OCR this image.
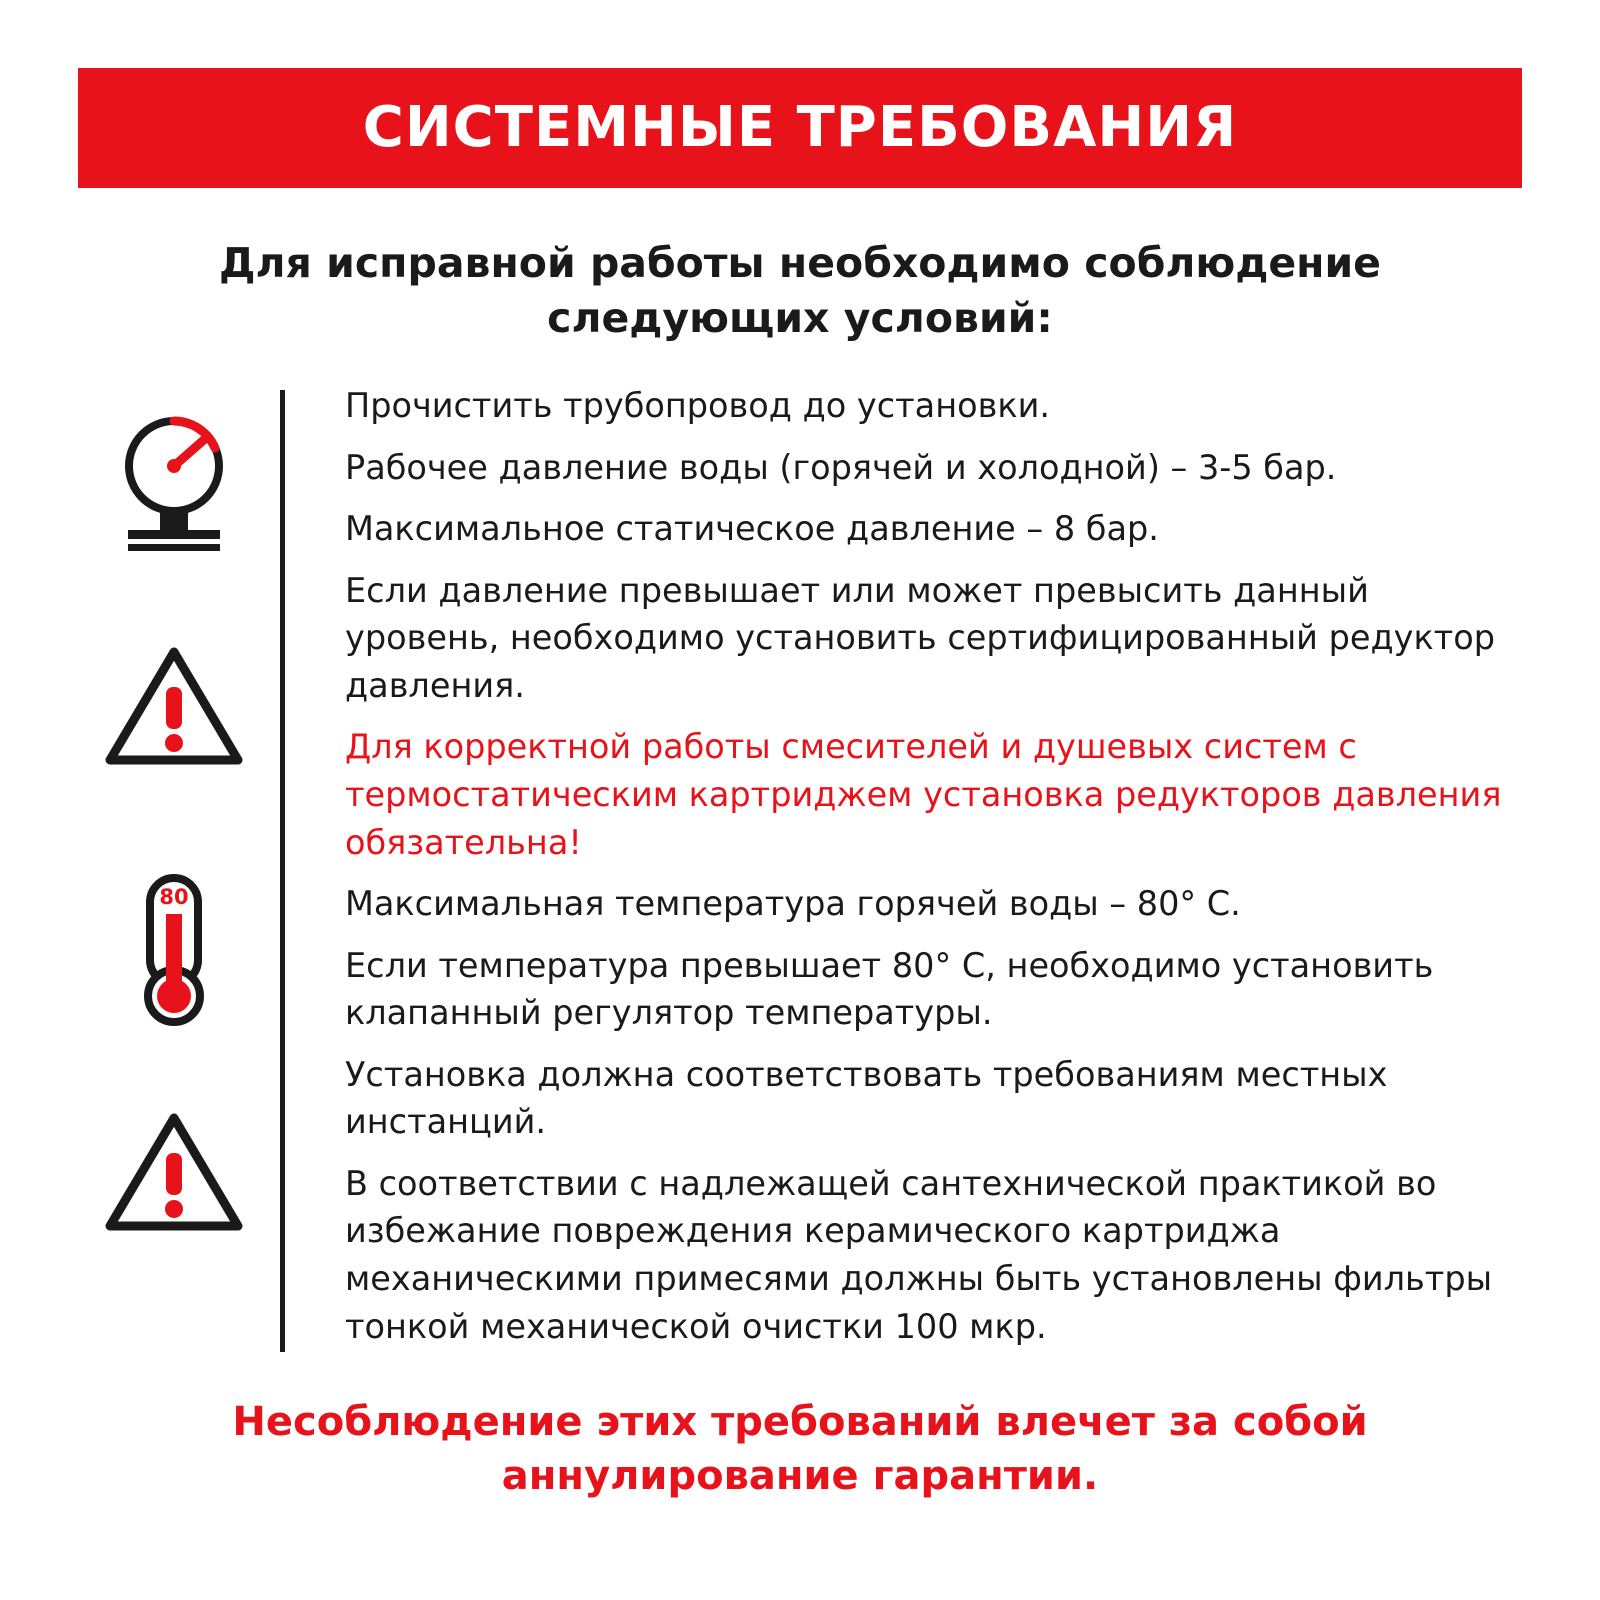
СИСТЕМНЫЕ ТРЕБОВАНИЯ
Для исправной работы необходимо соблюдение следующих условий:
80

Прочистить трубопровод до установки.

Рабочее давление воды (горячей и холодной) – 3-5 бар.

Максимальное статическое давление – 8 бар.

Если давление превышает или может превысить данный уровень, необходимо установить сертифицированный редуктор давления.

Для корректной работы смесителей и душевых систем с термостатическим картриджем установка редукторов давления обязательна!

Максимальная температура горячей воды – 80° С.

Если температура превышает 80° С, необходимо установить клапанный регулятор температуры.

Установка должна соответствовать требованиям местных инстанций.

В соответствии с надлежащей сантехнической практикой во избежание повреждения керамического картриджа механическими примесями должны быть установлены фильтры тонкой механической очистки 100 мкр.

Несоблюдение этих требований влечет за собой аннулирование гарантии.
